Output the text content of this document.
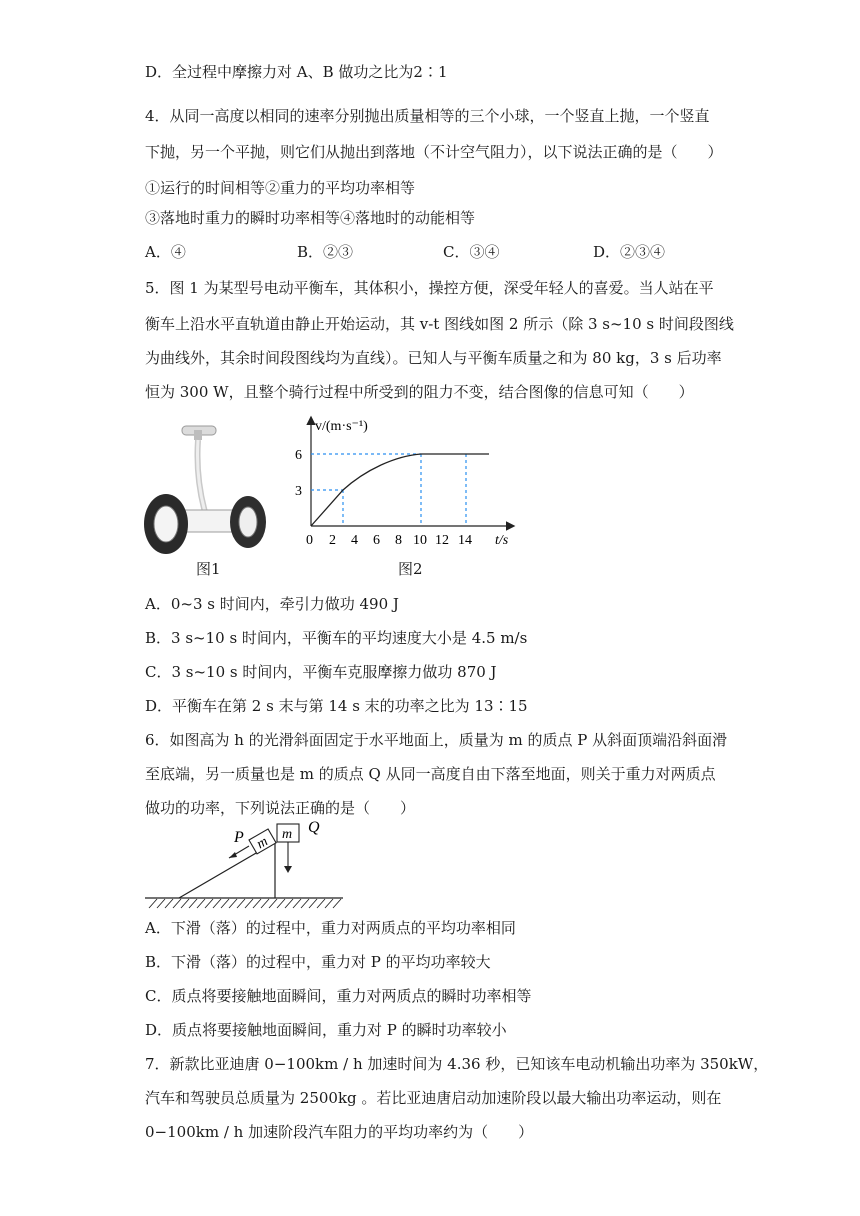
D．全过程中摩擦力对 A、B 做功之比为2∶1
4．从同一高度以相同的速率分别抛出质量相等的三个小球，一个竖直上抛，一个竖直
下抛，另一个平抛，则它们从抛出到落地（不计空气阻力），以下说法正确的是（　　）
①运行的时间相等②重力的平均功率相等
③落地时重力的瞬时功率相等④落地时的动能相等
A．④	B．②③	C．③④	D．②③④
5．图 1 为某型号电动平衡车，其体积小，操控方便，深受年轻人的喜爱。当人站在平
衡车上沿水平直轨道由静止开始运动，其 v-t 图线如图 2 所示（除 3 s~10 s 时间段图线
为曲线外，其余时间段图线均为直线）。已知人与平衡车质量之和为 80 kg，3 s 后功率
恒为 300 W，且整个骑行过程中所受到的阻力不变，结合图像的信息可知（　　）
图1
v/(m·s⁻¹)
6
3
0 2 4 6 8 10 12 14 t/s
图2
A．0~3 s 时间内，牵引力做功 490 J
B．3 s~10 s 时间内，平衡车的平均速度大小是 4.5 m/s
C．3 s~10 s 时间内，平衡车克服摩擦力做功 870 J
D．平衡车在第 2 s 末与第 14 s 末的功率之比为 13∶15
6．如图高为 h 的光滑斜面固定于水平地面上，质量为 m 的质点 P 从斜面顶端沿斜面滑
至底端，另一质量也是 m 的质点 Q 从同一高度自由下落至地面，则关于重力对两质点
做功的功率，下列说法正确的是（　　）
m
P	m Q
A．下滑（落）的过程中，重力对两质点的平均功率相同
B．下滑（落）的过程中，重力对 P 的平均功率较大
C．质点将要接触地面瞬间，重力对两质点的瞬时功率相等
D．质点将要接触地面瞬间，重力对 P 的瞬时功率较小
7．新款比亚迪唐 0−100km / h 加速时间为 4.36 秒，已知该车电动机输出功率为 350kW，
汽车和驾驶员总质量为 2500kg 。若比亚迪唐启动加速阶段以最大输出功率运动，则在
0−100km / h 加速阶段汽车阻力的平均功率约为（　　）
